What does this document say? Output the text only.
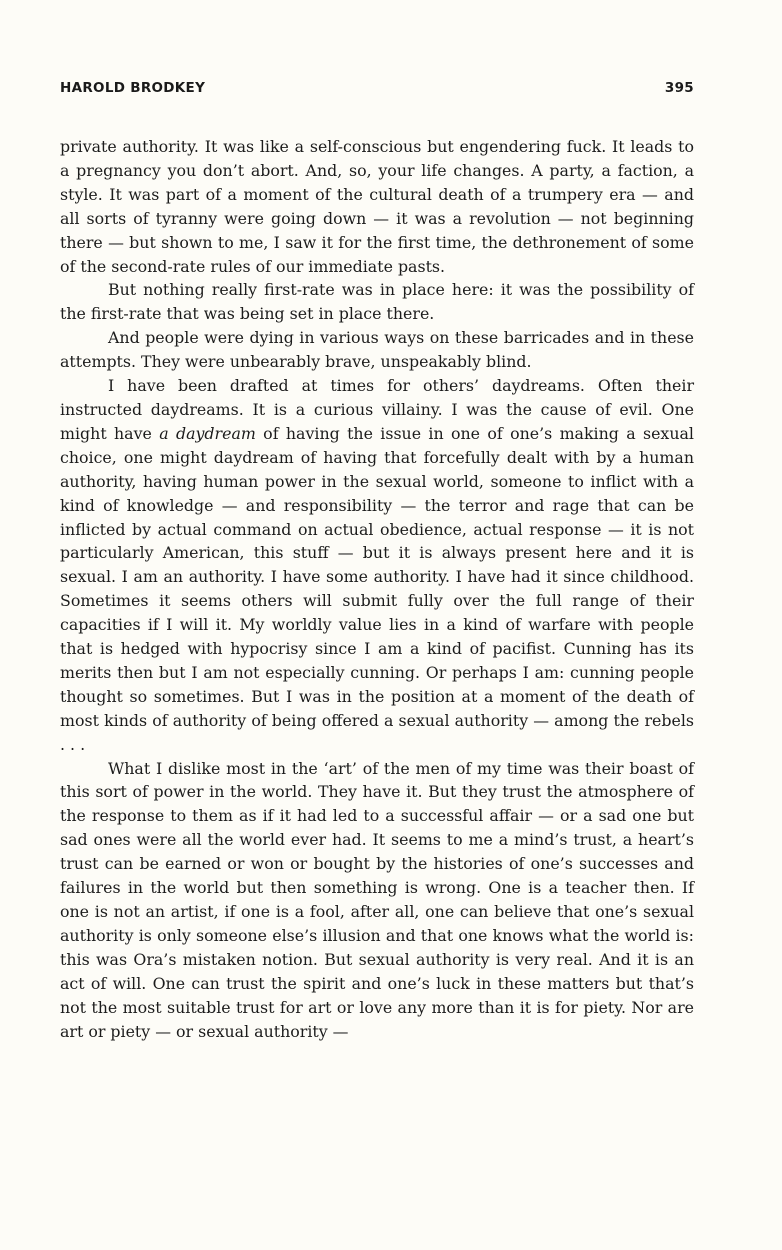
HAROLD BRODKEY	395

private authority. It was like a self-conscious but engendering fuck. It leads to a pregnancy you don’t abort. And, so, your life changes. A party, a faction, a style. It was part of a moment of the cultural death of a trumpery era — and all sorts of tyranny were going down — it was a revolution — not beginning there — but shown to me, I saw it for the first time, the dethronement of some of the second-rate rules of our immediate pasts.

But nothing really first-rate was in place here: it was the possibility of the first-rate that was being set in place there.

And people were dying in various ways on these barricades and in these attempts. They were unbearably brave, unspeakably blind.

I have been drafted at times for others’ daydreams. Often their instructed daydreams. It is a curious villainy. I was the cause of evil. One might have a daydream of having the issue in one of one’s making a sexual choice, one might daydream of having that forcefully dealt with by a human authority, having human power in the sexual world, someone to inflict with a kind of knowledge — and responsibility — the terror and rage that can be inflicted by actual command on actual obedience, actual response — it is not particularly American, this stuff — but it is always present here and it is sexual. I am an authority. I have some authority. I have had it since childhood. Sometimes it seems others will submit fully over the full range of their capacities if I will it. My worldly value lies in a kind of warfare with people that is hedged with hypocrisy since I am a kind of pacifist. Cunning has its merits then but I am not especially cunning. Or perhaps I am: cunning people thought so sometimes. But I was in the position at a moment of the death of most kinds of authority of being offered a sexual authority — among the rebels . . .

What I dislike most in the ‘art’ of the men of my time was their boast of this sort of power in the world. They have it. But they trust the atmosphere of the response to them as if it had led to a successful affair — or a sad one but sad ones were all the world ever had. It seems to me a mind’s trust, a heart’s trust can be earned or won or bought by the histories of one’s successes and failures in the world but then something is wrong. One is a teacher then. If one is not an artist, if one is a fool, after all, one can believe that one’s sexual authority is only someone else’s illusion and that one knows what the world is: this was Ora’s mistaken notion. But sexual authority is very real. And it is an act of will. One can trust the spirit and one’s luck in these matters but that’s not the most suitable trust for art or love any more than it is for piety. Nor are art or piety — or sexual authority —
